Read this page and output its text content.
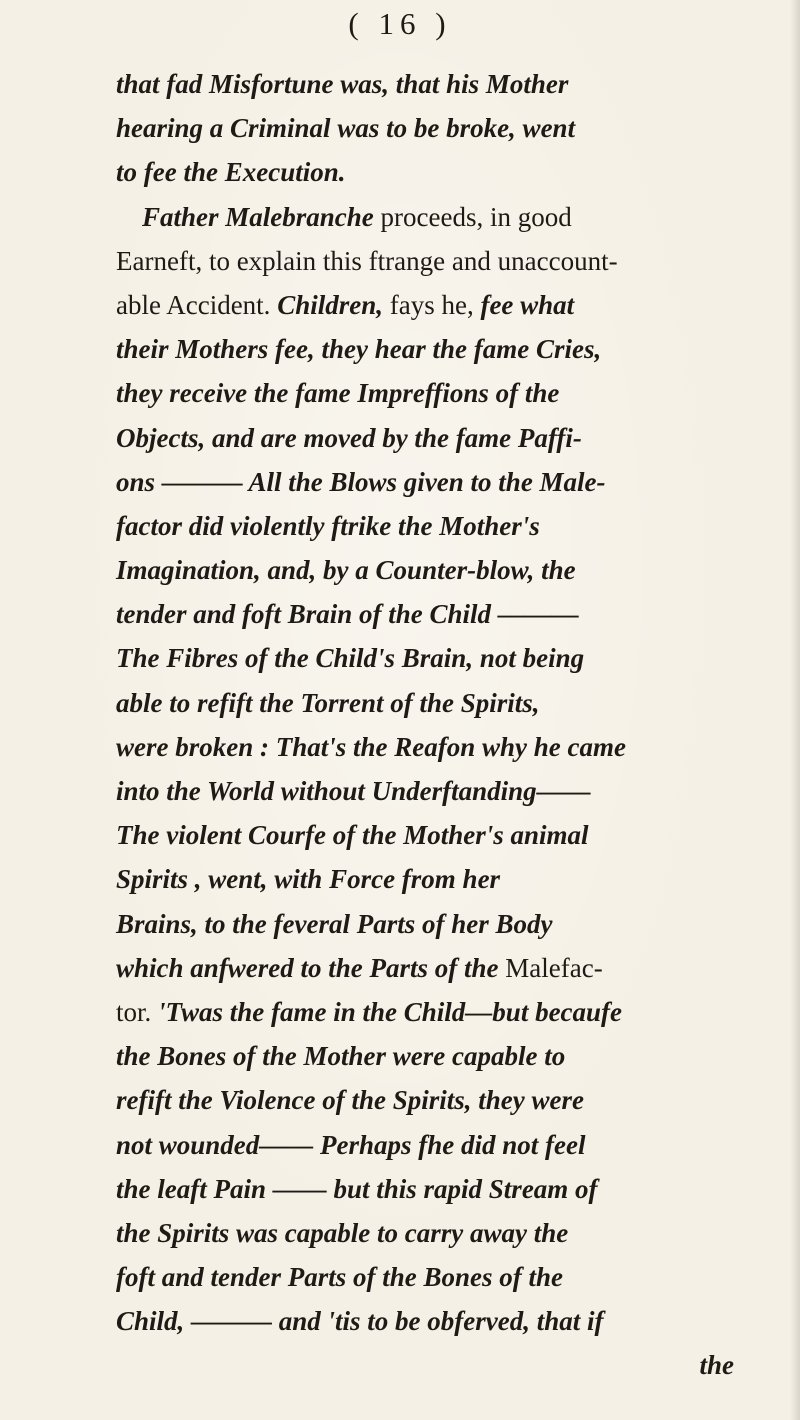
( 16 )
that fad Misfortune was, that his Mother
hearing a Criminal was to be broke, went
to fee the Execution.
Father Malebranche proceeds, in good
Earneft, to explain this ftrange and unaccount-
able Accident. Children, fays he, fee what
their Mothers fee, they hear the fame Cries,
they receive the fame Impreffions of the
Objects, and are moved by the fame Paffi-
ons ——— All the Blows given to the Male-
factor did violently ftrike the Mother's
Imagination, and, by a Counter-blow, the
tender and foft Brain of the Child ———
The Fibres of the Child's Brain, not being
able to refift the Torrent of the Spirits,
were broken : That's the Reafon why he came
into the World without Underftanding——
The violent Courfe of the Mother's animal
Spirits , went, with Force from her
Brains, to the feveral Parts of her Body
which anfwered to the Parts of the Malefac-
tor. 'Twas the fame in the Child—but becaufe
the Bones of the Mother were capable to
refift the Violence of the Spirits, they were
not wounded—— Perhaps fhe did not feel
the leaft Pain —— but this rapid Stream of
the Spirits was capable to carry away the
foft and tender Parts of the Bones of the
Child, ——— and 'tis to be obferved, that if
the
